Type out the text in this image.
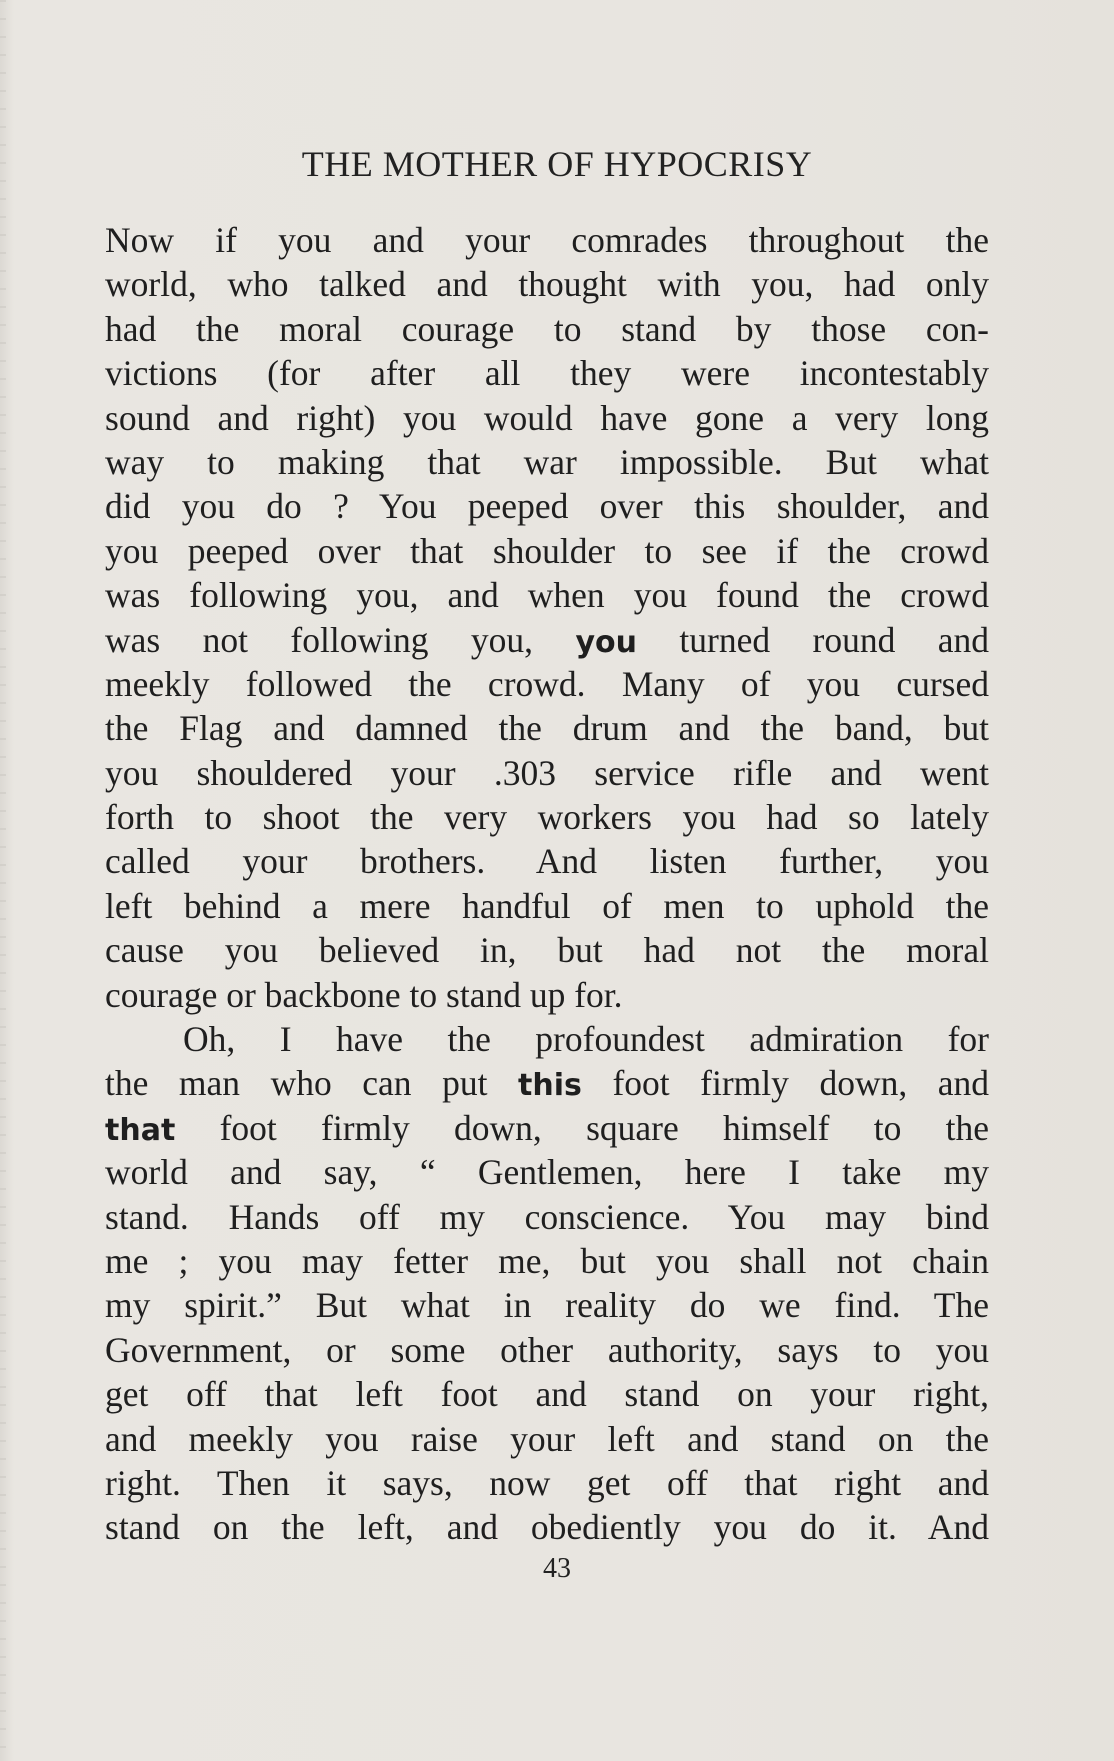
THE MOTHER OF HYPOCRISY
Now if you and your comrades throughout the
world, who talked and thought with you, had only
had the moral courage to stand by those con-
victions (for after all they were incontestably
sound and right) you would have gone a very long
way to making that war impossible. But what
did you do ? You peeped over this shoulder, and
you peeped over that shoulder to see if the crowd
was following you, and when you found the crowd
was not following you, you turned round and
meekly followed the crowd. Many of you cursed
the Flag and damned the drum and the band, but
you shouldered your .303 service rifle and went
forth to shoot the very workers you had so lately
called your brothers. And listen further, you
left behind a mere handful of men to uphold the
cause you believed in, but had not the moral
courage or backbone to stand up for.
Oh, I have the profoundest admiration for
the man who can put this foot firmly down, and
that foot firmly down, square himself to the
world and say, “ Gentlemen, here I take my
stand. Hands off my conscience. You may bind
me ; you may fetter me, but you shall not chain
my spirit.” But what in reality do we find. The
Government, or some other authority, says to you
get off that left foot and stand on your right,
and meekly you raise your left and stand on the
right. Then it says, now get off that right and
stand on the left, and obediently you do it. And
43
